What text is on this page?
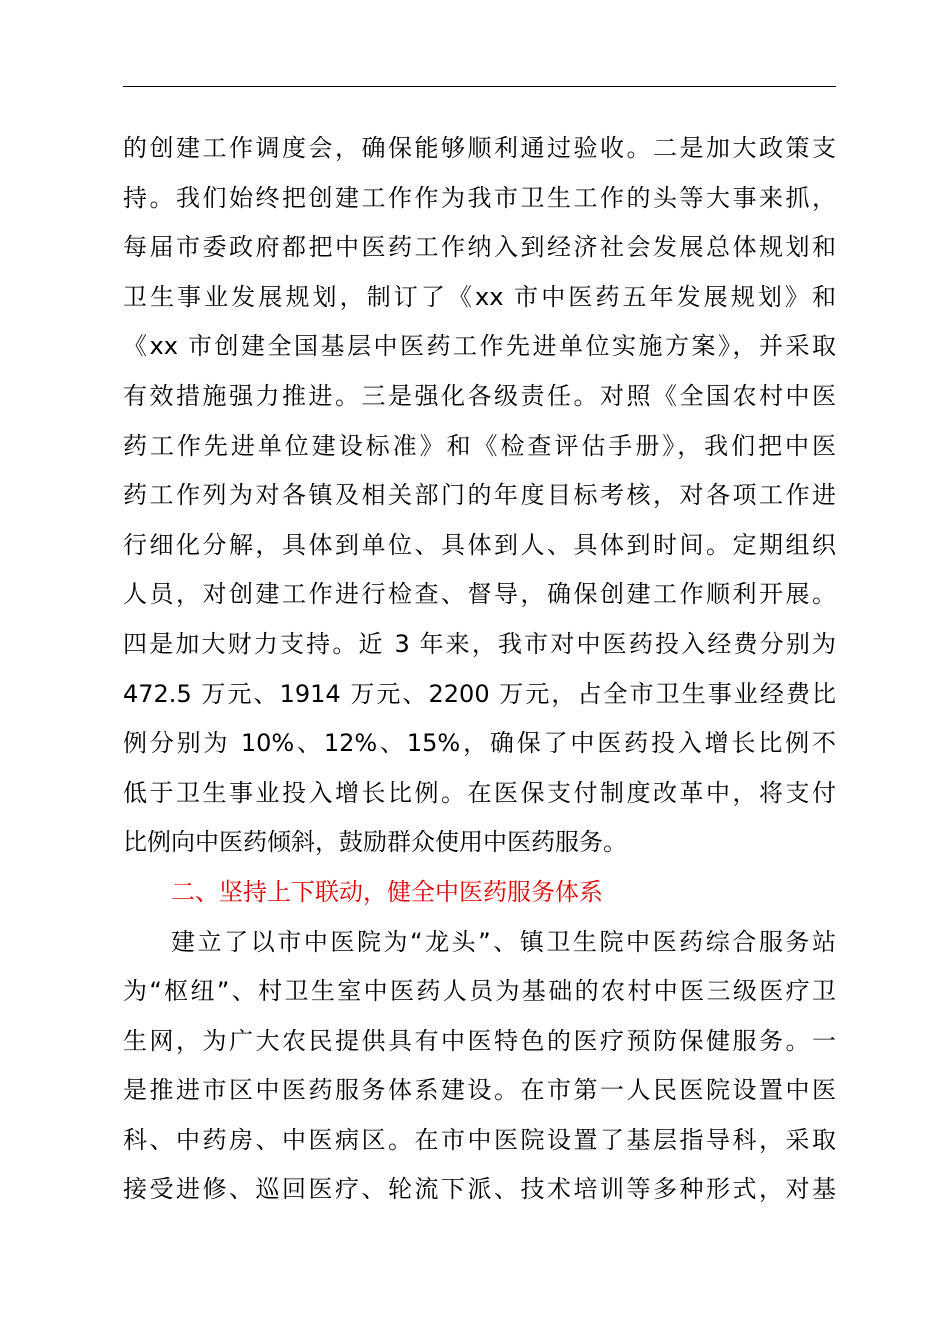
的创建工作调度会，确保能够顺利通过验收。二是加大政策支
持。我们始终把创建工作作为我市卫生工作的头等大事来抓，
每届市委政府都把中医药工作纳入到经济社会发展总体规划和
卫生事业发展规划，制订了《xx 市中医药五年发展规划》和
《xx 市创建全国基层中医药工作先进单位实施方案》，并采取
有效措施强力推进。三是强化各级责任。对照《全国农村中医
药工作先进单位建设标准》和《检查评估手册》，我们把中医
药工作列为对各镇及相关部门的年度目标考核，对各项工作进
行细化分解，具体到单位、具体到人、具体到时间。定期组织
人员，对创建工作进行检查、督导，确保创建工作顺利开展。
四是加大财力支持。近 3 年来，我市对中医药投入经费分别为
472.5 万元、1914 万元、2200 万元，占全市卫生事业经费比
例分别为 10%、12%、15%，确保了中医药投入增长比例不
低于卫生事业投入增长比例。在医保支付制度改革中，将支付
比例向中医药倾斜，鼓励群众使用中医药服务。
二、坚持上下联动，健全中医药服务体系
建立了以市中医院为“龙头”、镇卫生院中医药综合服务站
为“枢纽”、村卫生室中医药人员为基础的农村中医三级医疗卫
生网，为广大农民提供具有中医特色的医疗预防保健服务。一
是推进市区中医药服务体系建设。在市第一人民医院设置中医
科、中药房、中医病区。在市中医院设置了基层指导科，采取
接受进修、巡回医疗、轮流下派、技术培训等多种形式，对基
